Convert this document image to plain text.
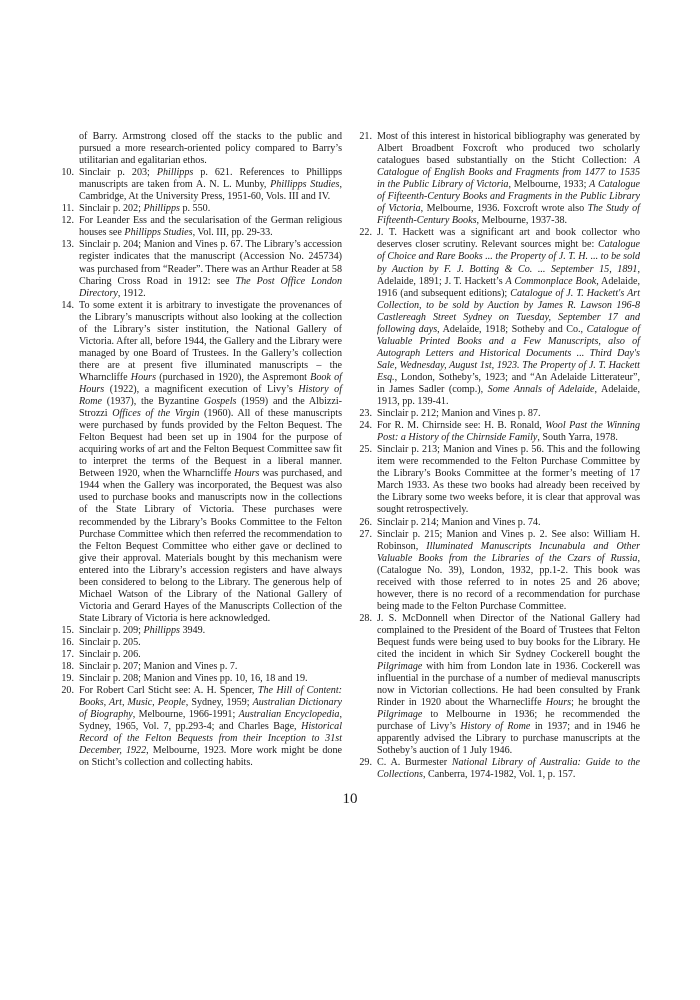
of Barry. Armstrong closed off the stacks to the public and pursued a more research-oriented policy compared to Barry’s utilitarian and egalitarian ethos.
10. Sinclair p. 203; Phillipps p. 621. References to Phillipps manuscripts are taken from A. N. L. Munby, Phillipps Studies, Cambridge, At the University Press, 1951-60, Vols. III and IV.
11. Sinclair p. 202; Phillipps p. 550.
12. For Leander Ess and the secularisation of the German religious houses see Phillipps Studies, Vol. III, pp. 29-33.
13. Sinclair p. 204; Manion and Vines p. 67. The Library’s accession register indicates that the manuscript (Accession No. 245734) was purchased from “Reader”. There was an Arthur Reader at 58 Charing Cross Road in 1912: see The Post Office London Directory, 1912.
14. To some extent it is arbitrary to investigate the provenances of the Library’s manuscripts without also looking at the collection of the Library’s sister institution, the National Gallery of Victoria. After all, before 1944, the Gallery and the Library were managed by one Board of Trustees. In the Gallery’s collection there are at present five illuminated manuscripts – the Wharncliffe Hours (purchased in 1920), the Aspremont Book of Hours (1922), a magnificent execution of Livy’s History of Rome (1937), the Byzantine Gospels (1959) and the Albizzi-Strozzi Offices of the Virgin (1960). All of these manuscripts were purchased by funds provided by the Felton Bequest. The Felton Bequest had been set up in 1904 for the purpose of acquiring works of art and the Felton Bequest Committee saw fit to interpret the terms of the Bequest in a liberal manner. Between 1920, when the Wharncliffe Hours was purchased, and 1944 when the Gallery was incorporated, the Bequest was also used to purchase books and manuscripts now in the collections of the State Library of Victoria. These purchases were recommended by the Library’s Books Committee to the Felton Purchase Committee which then referred the recommendation to the Felton Bequest Committee who either gave or declined to give their approval. Materials bought by this mechanism were entered into the Library’s accession registers and have always been considered to belong to the Library. The generous help of Michael Watson of the Library of the National Gallery of Victoria and Gerard Hayes of the Manuscripts Collection of the State Library of Victoria is here acknowledged.
15. Sinclair p. 209; Phillipps 3949.
16. Sinclair p. 205.
17. Sinclair p. 206.
18. Sinclair p. 207; Manion and Vines p. 7.
19. Sinclair p. 208; Manion and Vines pp. 10, 16, 18 and 19.
20. For Robert Carl Sticht see: A. H. Spencer, The Hill of Content: Books, Art, Music, People, Sydney, 1959; Australian Dictionary of Biography, Melbourne, 1966-1991; Australian Encyclopedia, Sydney, 1965, Vol. 7, pp.293-4; and Charles Bage, Historical Record of the Felton Bequests from their Inception to 31st December, 1922, Melbourne, 1923. More work might be done on Sticht’s collection and collecting habits.
21. Most of this interest in historical bibliography was generated by Albert Broadbent Foxcroft who produced two scholarly catalogues based substantially on the Sticht Collection: A Catalogue of English Books and Fragments from 1477 to 1535 in the Public Library of Victoria, Melbourne, 1933; A Catalogue of Fifteenth-Century Books and Fragments in the Public Library of Victoria, Melbourne, 1936. Foxcroft wrote also The Study of Fifteenth-Century Books, Melbourne, 1937-38.
22. J. T. Hackett was a significant art and book collector who deserves closer scrutiny. Relevant sources might be: Catalogue of Choice and Rare Books ... the Property of J. T. H. ... to be sold by Auction by F. J. Botting & Co. ... September 15, 1891, Adelaide, 1891; J. T. Hackett’s A Commonplace Book, Adelaide, 1916 (and subsequent editions); Catalogue of J. T. Hackett's Art Collection, to be sold by Auction by James R. Lawson 196-8 Castlereagh Street Sydney on Tuesday, September 17 and following days, Adelaide, 1918; Sotheby and Co., Catalogue of Valuable Printed Books and a Few Manuscripts, also of Autograph Letters and Historical Documents ... Third Day's Sale, Wednesday, August 1st, 1923. The Property of J. T. Hackett Esq., London, Sotheby’s, 1923; and “An Adelaide Litterateur”, in James Sadler (comp.), Some Annals of Adelaide, Adelaide, 1913, pp. 139-41.
23. Sinclair p. 212; Manion and Vines p. 87.
24. For R. M. Chirnside see: H. B. Ronald, Wool Past the Winning Post: a History of the Chirnside Family, South Yarra, 1978.
25. Sinclair p. 213; Manion and Vines p. 56. This and the following item were recommended to the Felton Purchase Committee by the Library’s Books Committee at the former’s meeting of 17 March 1933. As these two books had already been received by the Library some two weeks before, it is clear that approval was sought retrospectively.
26. Sinclair p. 214; Manion and Vines p. 74.
27. Sinclair p. 215; Manion and Vines p. 2. See also: William H. Robinson, Illuminated Manuscripts Incunabula and Other Valuable Books from the Libraries of the Czars of Russia, (Catalogue No. 39), London, 1932, pp.1-2. This book was received with those referred to in notes 25 and 26 above; however, there is no record of a recommendation for purchase being made to the Felton Purchase Committee.
28. J. S. McDonnell when Director of the National Gallery had complained to the President of the Board of Trustees that Felton Bequest funds were being used to buy books for the Library. He cited the incident in which Sir Sydney Cockerell bought the Pilgrimage with him from London late in 1936. Cockerell was influential in the purchase of a number of medieval manuscripts now in Victorian collections. He had been consulted by Frank Rinder in 1920 about the Wharnecliffe Hours; he brought the Pilgrimage to Melbourne in 1936; he recommended the purchase of Livy’s History of Rome in 1937; and in 1946 he apparently advised the Library to purchase manuscripts at the Sotheby’s auction of 1 July 1946.
29. C. A. Burmester National Library of Australia: Guide to the Collections, Canberra, 1974-1982, Vol. 1, p. 157.
10
